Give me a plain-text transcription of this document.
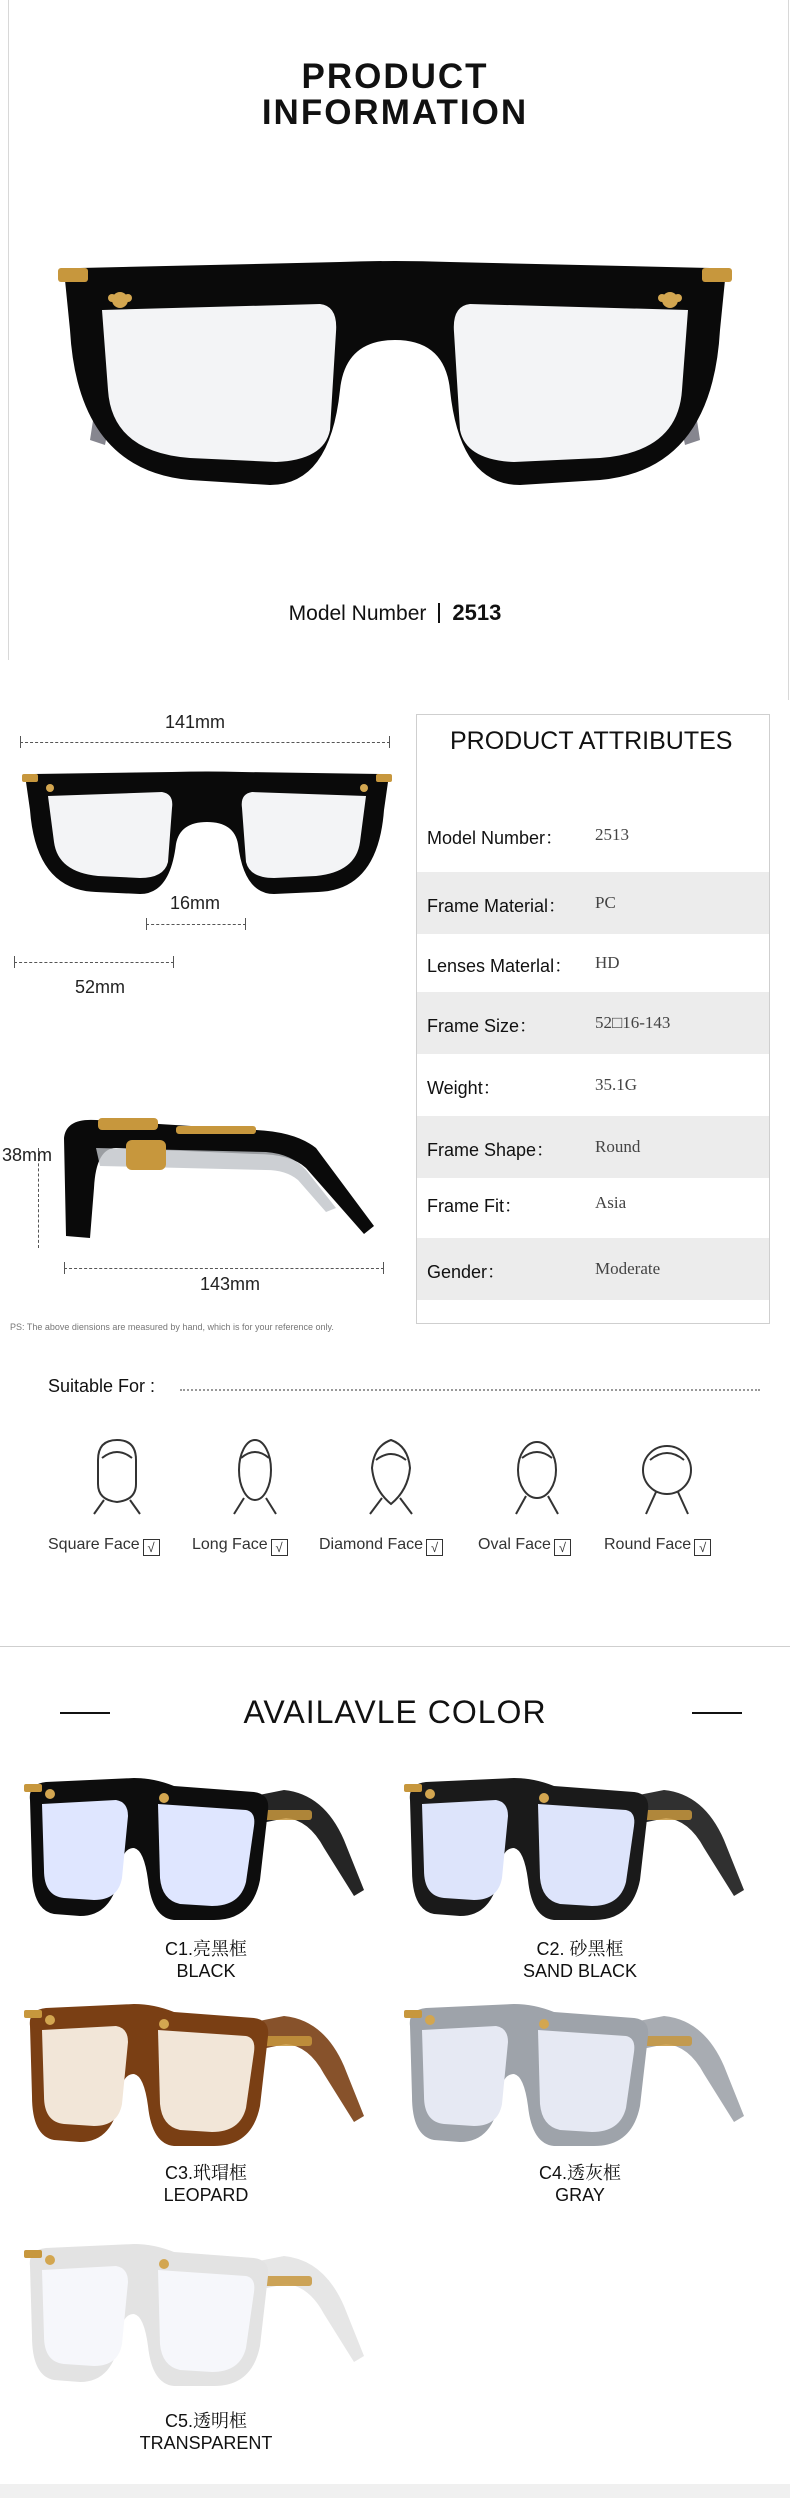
PRODUCT
INFORMATION
Model Number 2513
141mm
16mm
52mm
38mm
143mm
PS: The above diensions are measured by hand, which is for your reference only.
PRODUCT ATTRIBUTES
Model Number： 2513
Frame Material： PC
Lenses Materlal： HD
Frame Size：	52□16-143
Weight：	35.1G
Frame Shape： Round
Frame Fit：	Asia
Gender：	Moderate
Suitable For :
Square Face √	Long Face √	Diamond Face √	Oval Face √	Round Face √
AVAILAVLE COLOR
C1.亮黑框
BLACK
C2. 砂黑框
SAND BLACK
C3.玳瑁框
LEOPARD
C4.透灰框
GRAY
C5.透明框
TRANSPARENT
